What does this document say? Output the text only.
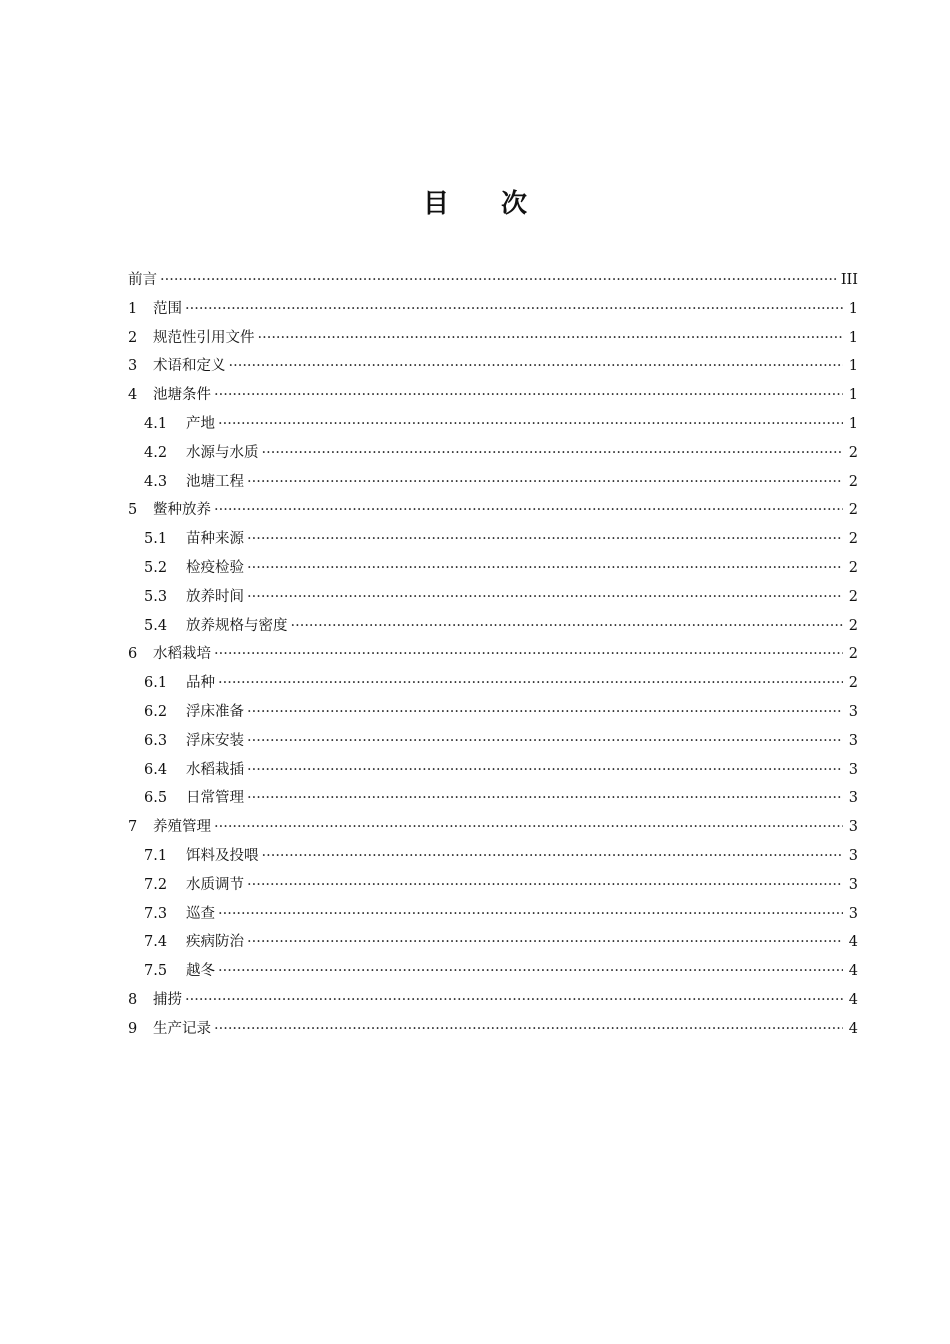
目　　次
前言 ·····	III
1	范围 ·····	1
2	规范性引用文件 ·····	1
3	术语和定义 ·····	1
4	池塘条件 ·····	1
4.1	产地 ·····	1
4.2	水源与水质 ·····	2
4.3	池塘工程 ·····	2
5	鳖种放养 ·····	2
5.1	苗种来源 ·····	2
5.2	检疫检验 ·····	2
5.3	放养时间 ·····	2
5.4	放养规格与密度 ·····	2
6	水稻栽培 ·····	2
6.1	品种 ·····	2
6.2	浮床准备 ·····	3
6.3	浮床安装 ·····	3
6.4	水稻栽插 ·····	3
6.5	日常管理 ·····	3
7	养殖管理 ·····	3
7.1	饵料及投喂 ·····	3
7.2	水质调节 ·····	3
7.3	巡查 ·····	3
7.4	疾病防治 ·····	4
7.5	越冬 ·····	4
8	捕捞 ·····	4
9	生产记录 ·····	4
